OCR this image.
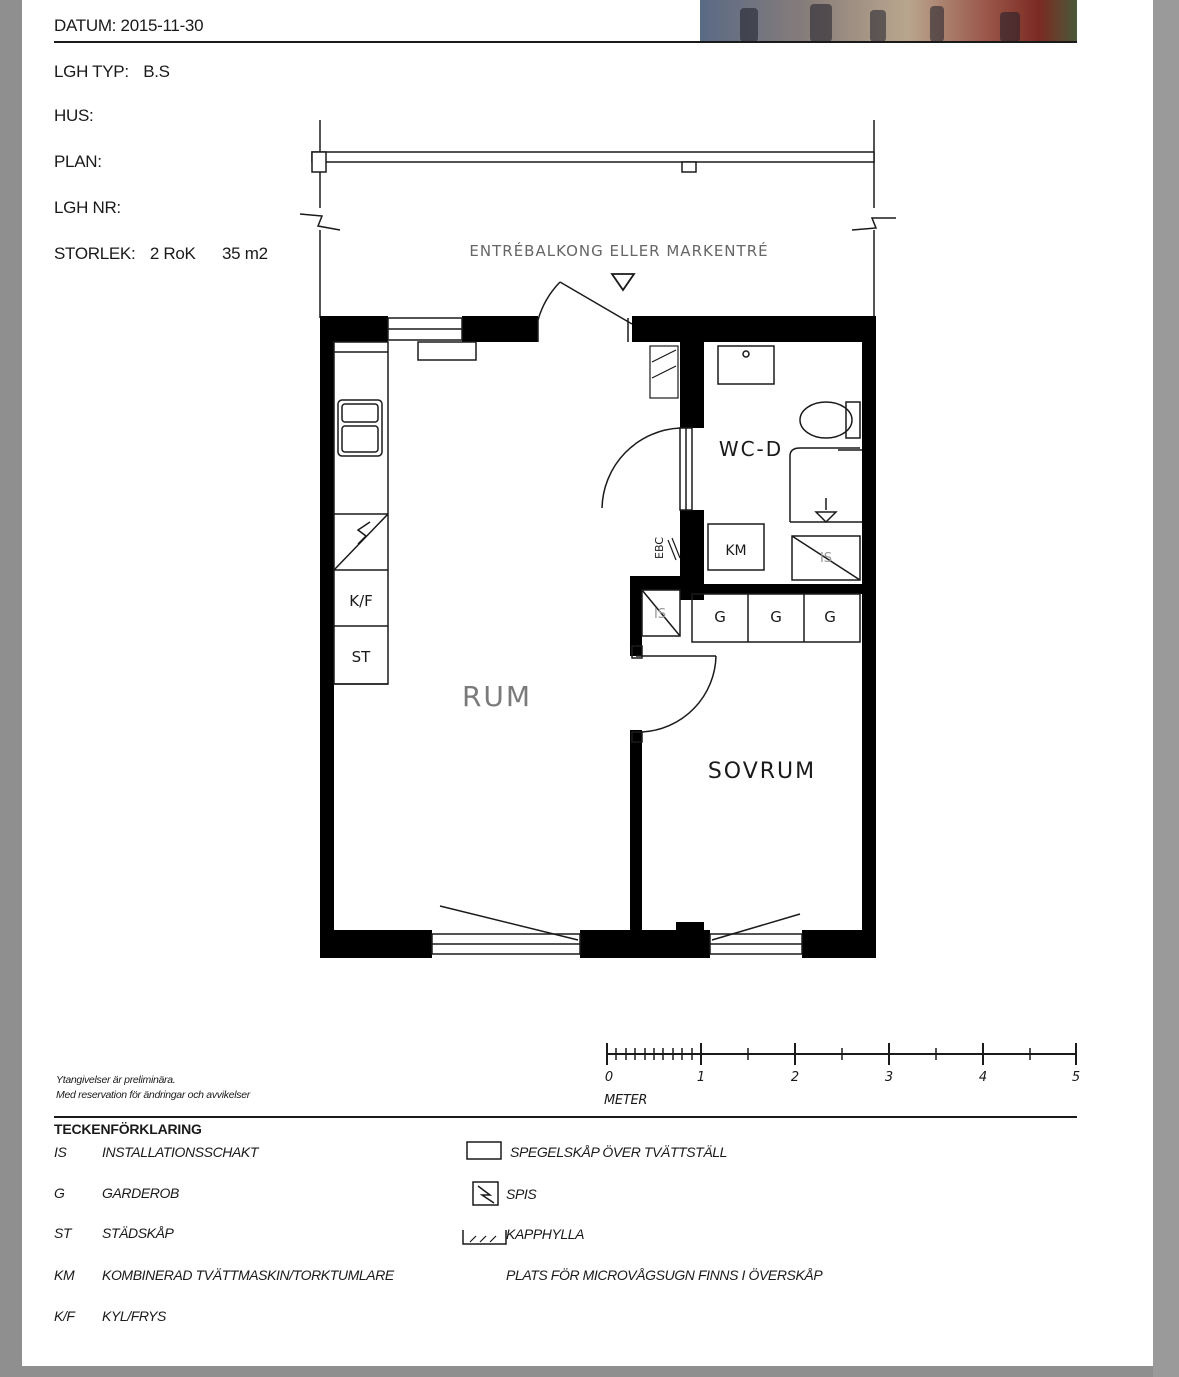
DATUM: 2015-11-30
LGH TYP: B.S
HUS:
PLAN:
LGH NR:
STORLEK: 2 RoK 35 m2	ENTRÉBALKONG ELLER MARKENTRÉ
K/F
ST
EBC
WC-D
KM	IS
IS	G	G	G
RUM
SOVRUM
0	1	2	3	4	5
METER
Ytangivelser är preliminära.
Med reservation för ändringar och avvikelser
TECKENFÖRKLARING
IS	INSTALLATIONSSCHAKT
G	GARDEROB
ST STÄDSKÅP
KM KOMBINERAD TVÄTTMASKIN/TORKTUMLARE
K/F KYL/FRYS
SPEGELSKÅP ÖVER TVÄTTSTÄLL
SPIS
KAPPHYLLA
PLATS FÖR MICROVÅGSUGN FINNS I ÖVERSKÅP
